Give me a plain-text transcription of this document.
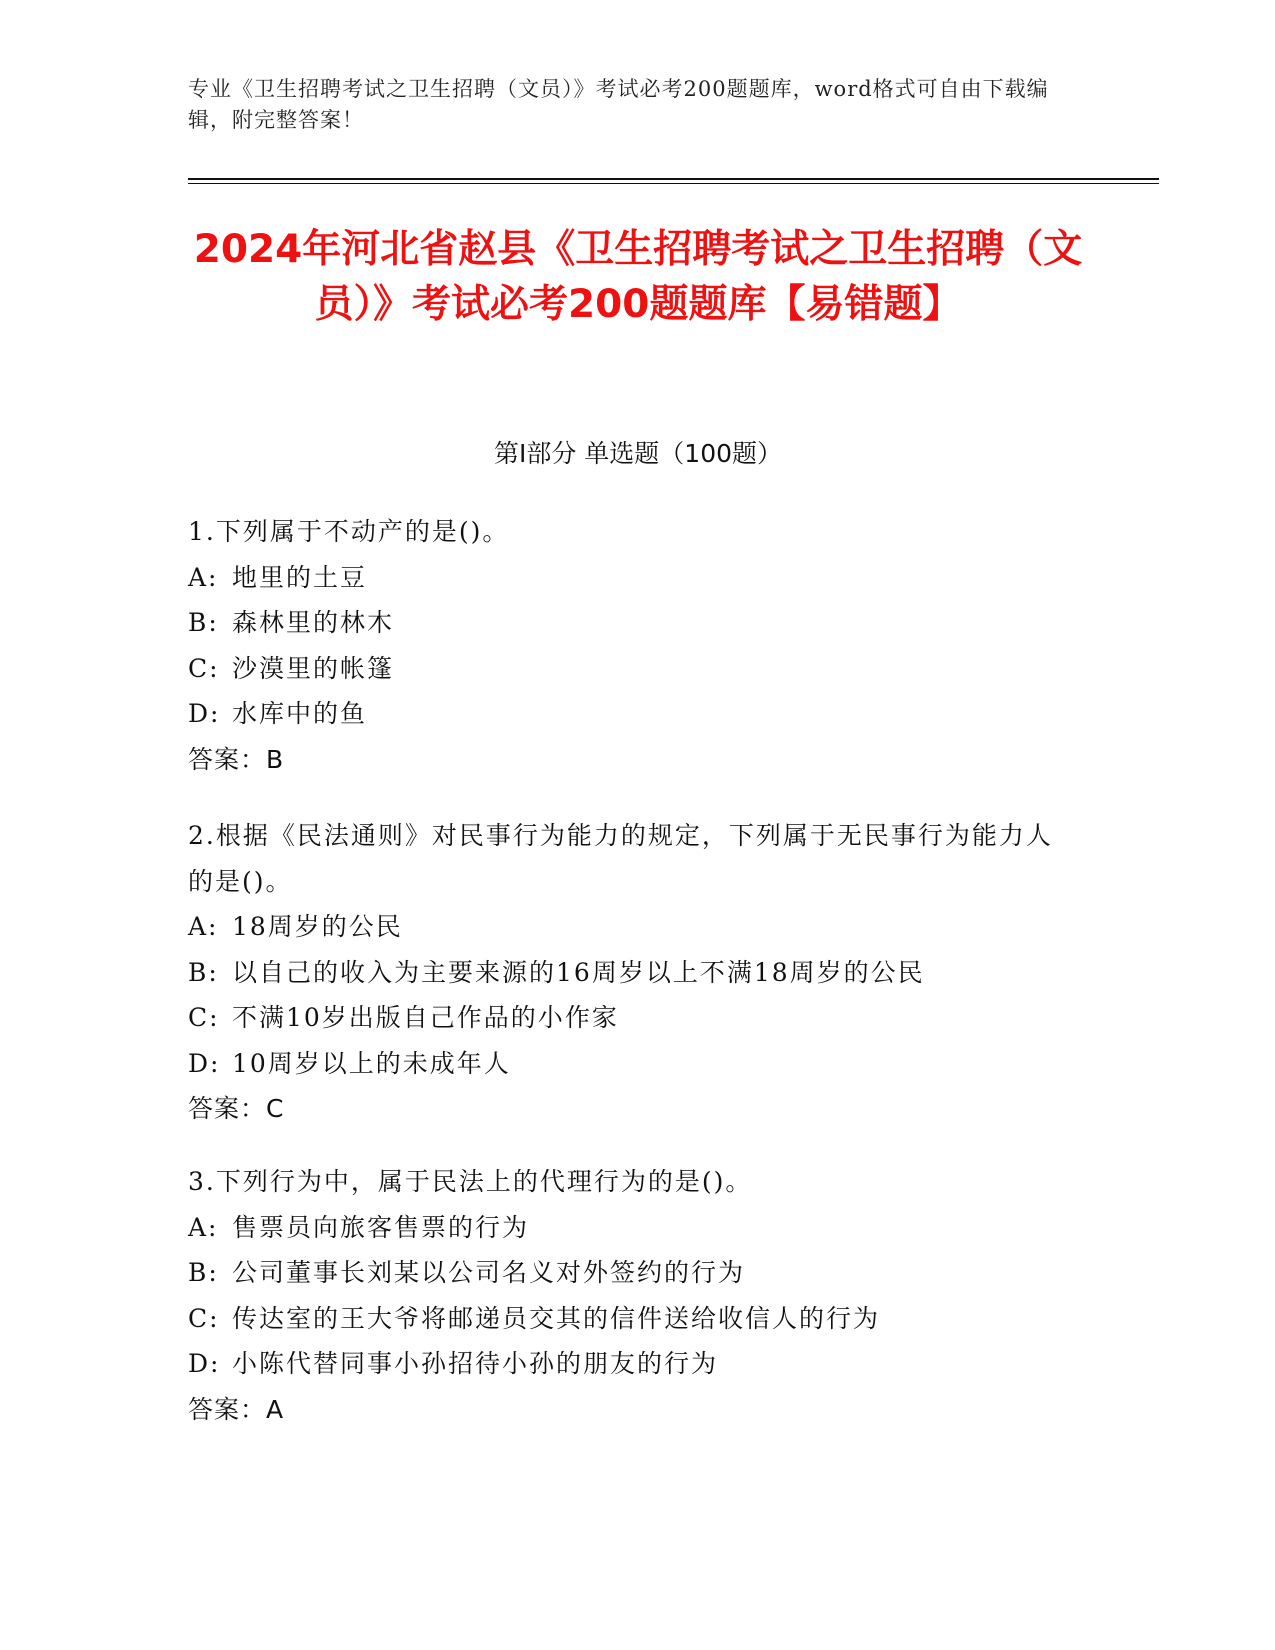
专业《卫生招聘考试之卫生招聘（文员）》考试必考200题题库，word格式可自由下载编辑，附完整答案！
2024年河北省赵县《卫生招聘考试之卫生招聘（文员）》考试必考200题题库【易错题】
第I部分 单选题（100题）
1.下列属于不动产的是()。
A: 地里的土豆
B: 森林里的林木
C: 沙漠里的帐篷
D: 水库中的鱼
答案：B
2.根据《民法通则》对民事行为能力的规定，下列属于无民事行为能力人的是()。
A: 18周岁的公民
B: 以自己的收入为主要来源的16周岁以上不满18周岁的公民
C: 不满10岁出版自己作品的小作家
D: 10周岁以上的未成年人
答案：C
3.下列行为中，属于民法上的代理行为的是()。
A: 售票员向旅客售票的行为
B: 公司董事长刘某以公司名义对外签约的行为
C: 传达室的王大爷将邮递员交其的信件送给收信人的行为
D: 小陈代替同事小孙招待小孙的朋友的行为
答案：A
